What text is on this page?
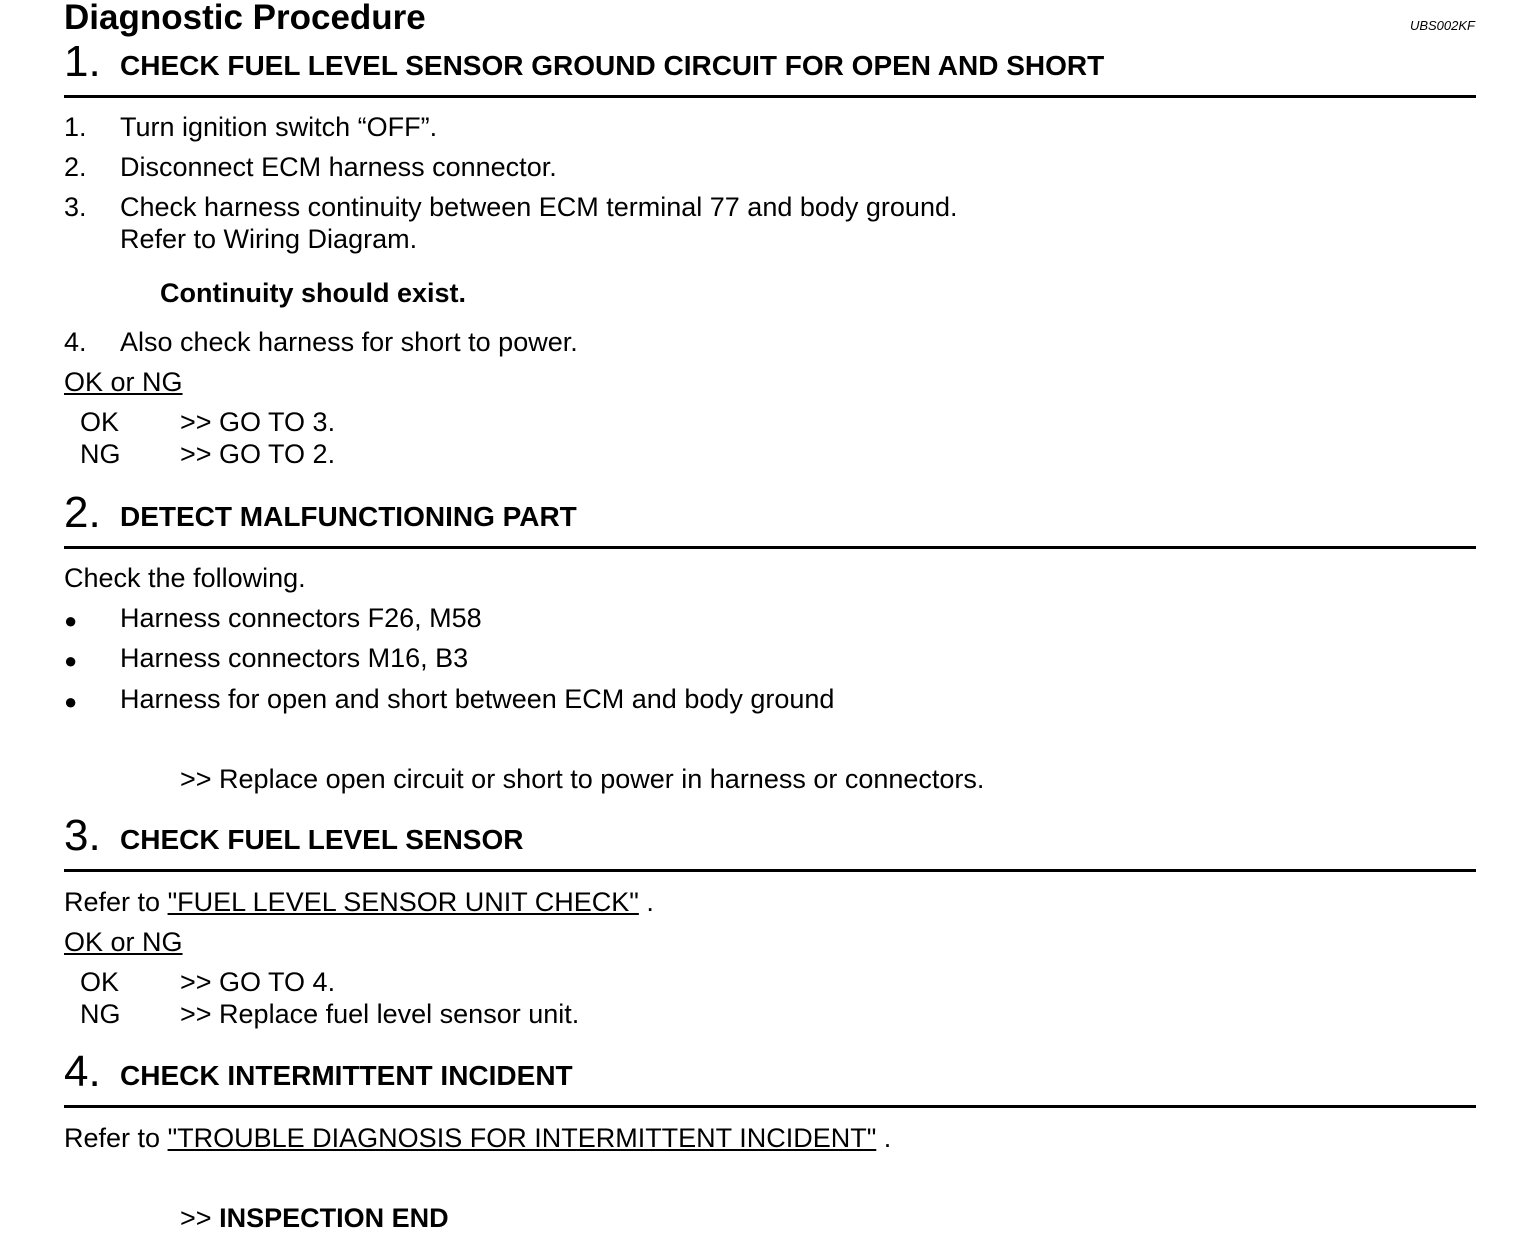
Diagnostic Procedure	UBS002KF
1. CHECK FUEL LEVEL SENSOR GROUND CIRCUIT FOR OPEN AND SHORT
1. Turn ignition switch “OFF”.
2. Disconnect ECM harness connector.
3. Check harness continuity between ECM terminal 77 and body ground.
Refer to Wiring Diagram.
Continuity should exist.
4. Also check harness for short to power.
OK or NG
OK >> GO TO 3.
NG >> GO TO 2.
2. DETECT MALFUNCTIONING PART
Check the following.
● Harness connectors F26, M58
● Harness connectors M16, B3
● Harness for open and short between ECM and body ground
>> Replace open circuit or short to power in harness or connectors.
3. CHECK FUEL LEVEL SENSOR
Refer to "FUEL LEVEL SENSOR UNIT CHECK" .
OK or NG
OK >> GO TO 4.
NG >> Replace fuel level sensor unit.
4. CHECK INTERMITTENT INCIDENT
Refer to "TROUBLE DIAGNOSIS FOR INTERMITTENT INCIDENT" .
>> INSPECTION END
